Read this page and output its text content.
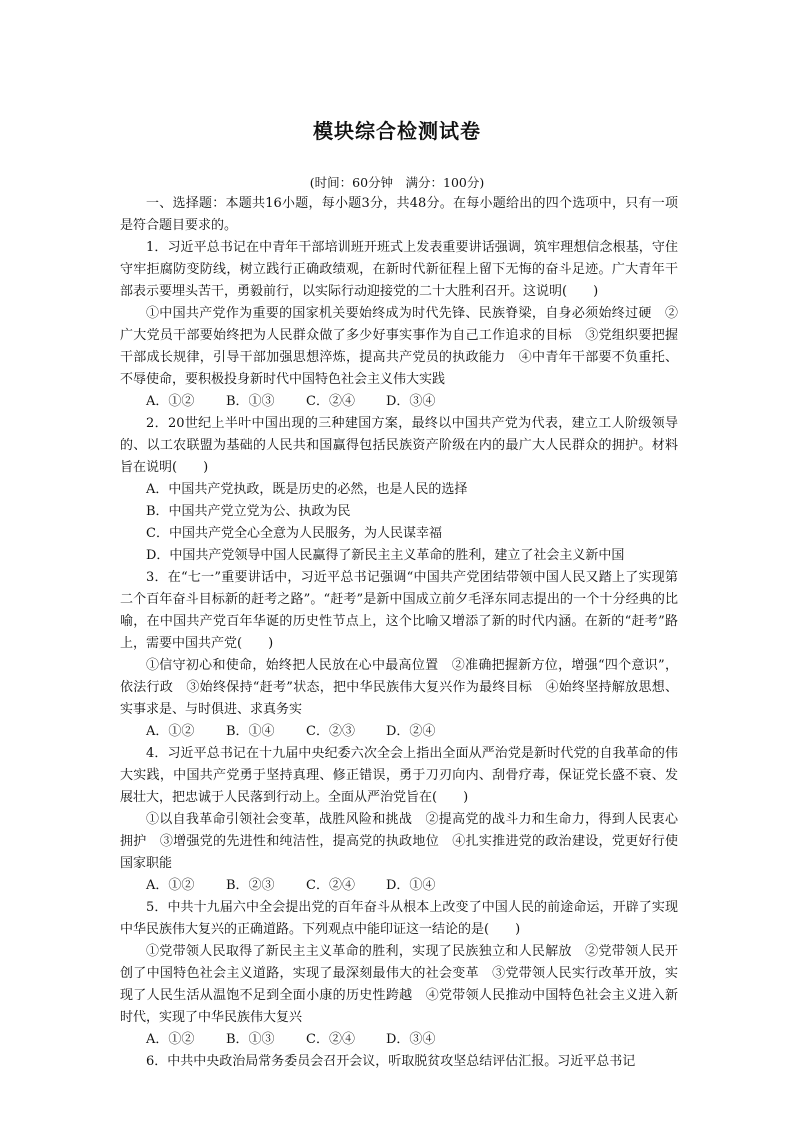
模块综合检测试卷
(时间：60分钟　满分：100分)

一、选择题：本题共16小题，每小题3分，共48分。在每小题给出的四个选项中，只有一项是符合题目要求的。

1．习近平总书记在中青年干部培训班开班式上发表重要讲话强调，筑牢理想信念根基，守住守牢拒腐防变防线，树立践行正确政绩观，在新时代新征程上留下无悔的奋斗足迹。广大青年干部表示要埋头苦干，勇毅前行，以实际行动迎接党的二十大胜利召开。这说明(　　)

①中国共产党作为重要的国家机关要始终成为时代先锋、民族脊梁，自身必须始终过硬　②广大党员干部要始终把为人民群众做了多少好事实事作为自己工作追求的目标　③党组织要把握干部成长规律，引导干部加强思想淬炼，提高共产党员的执政能力　④中青年干部要不负重托、不辱使命，要积极投身新时代中国特色社会主义伟大实践

A．①②	B．①③	C．②④	D．③④

2．20世纪上半叶中国出现的三种建国方案，最终以中国共产党为代表，建立工人阶级领导的、以工农联盟为基础的人民共和国赢得包括民族资产阶级在内的最广大人民群众的拥护。材料旨在说明(　　)

A．中国共产党执政，既是历史的必然，也是人民的选择

B．中国共产党立党为公、执政为民

C．中国共产党全心全意为人民服务，为人民谋幸福

D．中国共产党领导中国人民赢得了新民主主义革命的胜利，建立了社会主义新中国

3．在“七一”重要讲话中，习近平总书记强调“中国共产党团结带领中国人民又踏上了实现第二个百年奋斗目标新的赶考之路”。“赶考”是新中国成立前夕毛泽东同志提出的一个十分经典的比喻，在中国共产党百年华诞的历史性节点上，这个比喻又增添了新的时代内涵。在新的“赶考”路上，需要中国共产党(　　)

①信守初心和使命，始终把人民放在心中最高位置　②准确把握新方位，增强“四个意识”，依法行政　③始终保持“赶考”状态，把中华民族伟大复兴作为最终目标　④始终坚持解放思想、实事求是、与时俱进、求真务实

A．①②	B．①④	C．②③	D．②④

4．习近平总书记在十九届中央纪委六次全会上指出全面从严治党是新时代党的自我革命的伟大实践，中国共产党勇于坚持真理、修正错误，勇于刀刃向内、刮骨疗毒，保证党长盛不衰、发展壮大，把忠诚于人民落到行动上。全面从严治党旨在(　　)

①以自我革命引领社会变革，战胜风险和挑战　②提高党的战斗力和生命力，得到人民衷心拥护　③增强党的先进性和纯洁性，提高党的执政地位　④扎实推进党的政治建设，党更好行使国家职能

A．①②	B．②③	C．②④	D．①④

5．中共十九届六中全会提出党的百年奋斗从根本上改变了中国人民的前途命运，开辟了实现中华民族伟大复兴的正确道路。下列观点中能印证这一结论的是(　　)

①党带领人民取得了新民主主义革命的胜利，实现了民族独立和人民解放　②党带领人民开创了中国特色社会主义道路，实现了最深刻最伟大的社会变革　③党带领人民实行改革开放，实现了人民生活从温饱不足到全面小康的历史性跨越　④党带领人民推动中国特色社会主义进入新时代，实现了中华民族伟大复兴

A．①②	B．①③	C．②④	D．③④

6．中共中央政治局常务委员会召开会议，听取脱贫攻坚总结评估汇报。习近平总书记
